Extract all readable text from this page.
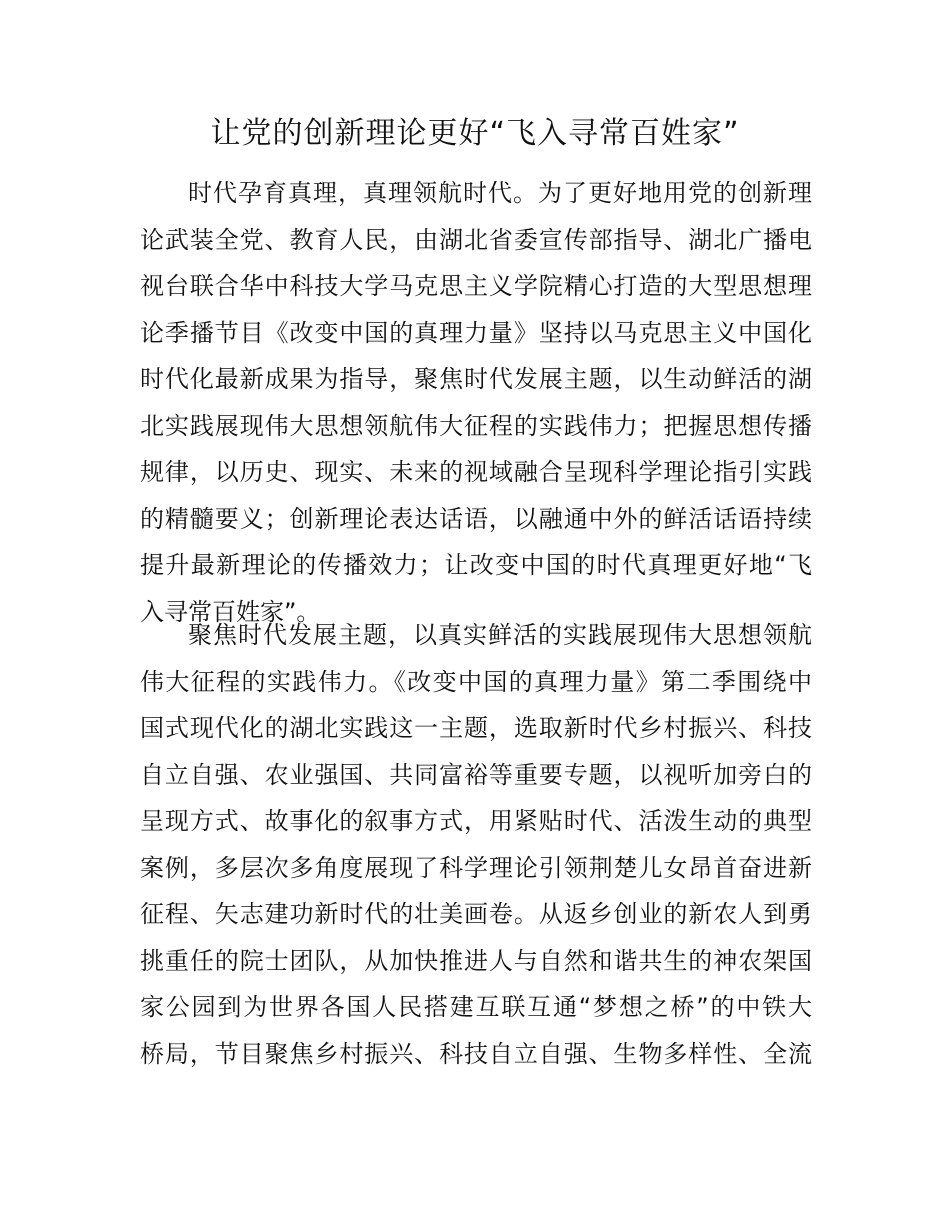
让党的创新理论更好“飞入寻常百姓家”
时代孕育真理，真理领航时代。为了更好地用党的创新理
论武装全党、教育人民，由湖北省委宣传部指导、湖北广播电
视台联合华中科技大学马克思主义学院精心打造的大型思想理
论季播节目《改变中国的真理力量》坚持以马克思主义中国化
时代化最新成果为指导，聚焦时代发展主题，以生动鲜活的湖
北实践展现伟大思想领航伟大征程的实践伟力；把握思想传播
规律，以历史、现实、未来的视域融合呈现科学理论指引实践
的精髓要义；创新理论表达话语，以融通中外的鲜活话语持续
提升最新理论的传播效力；让改变中国的时代真理更好地“飞
入寻常百姓家”。
聚焦时代发展主题，以真实鲜活的实践展现伟大思想领航
伟大征程的实践伟力。《改变中国的真理力量》第二季围绕中
国式现代化的湖北实践这一主题，选取新时代乡村振兴、科技
自立自强、农业强国、共同富裕等重要专题，以视听加旁白的
呈现方式、故事化的叙事方式，用紧贴时代、活泼生动的典型
案例，多层次多角度展现了科学理论引领荆楚儿女昂首奋进新
征程、矢志建功新时代的壮美画卷。从返乡创业的新农人到勇
挑重任的院士团队，从加快推进人与自然和谐共生的神农架国
家公园到为世界各国人民搭建互联互通“梦想之桥”的中铁大
桥局，节目聚焦乡村振兴、科技自立自强、生物多样性、全流
